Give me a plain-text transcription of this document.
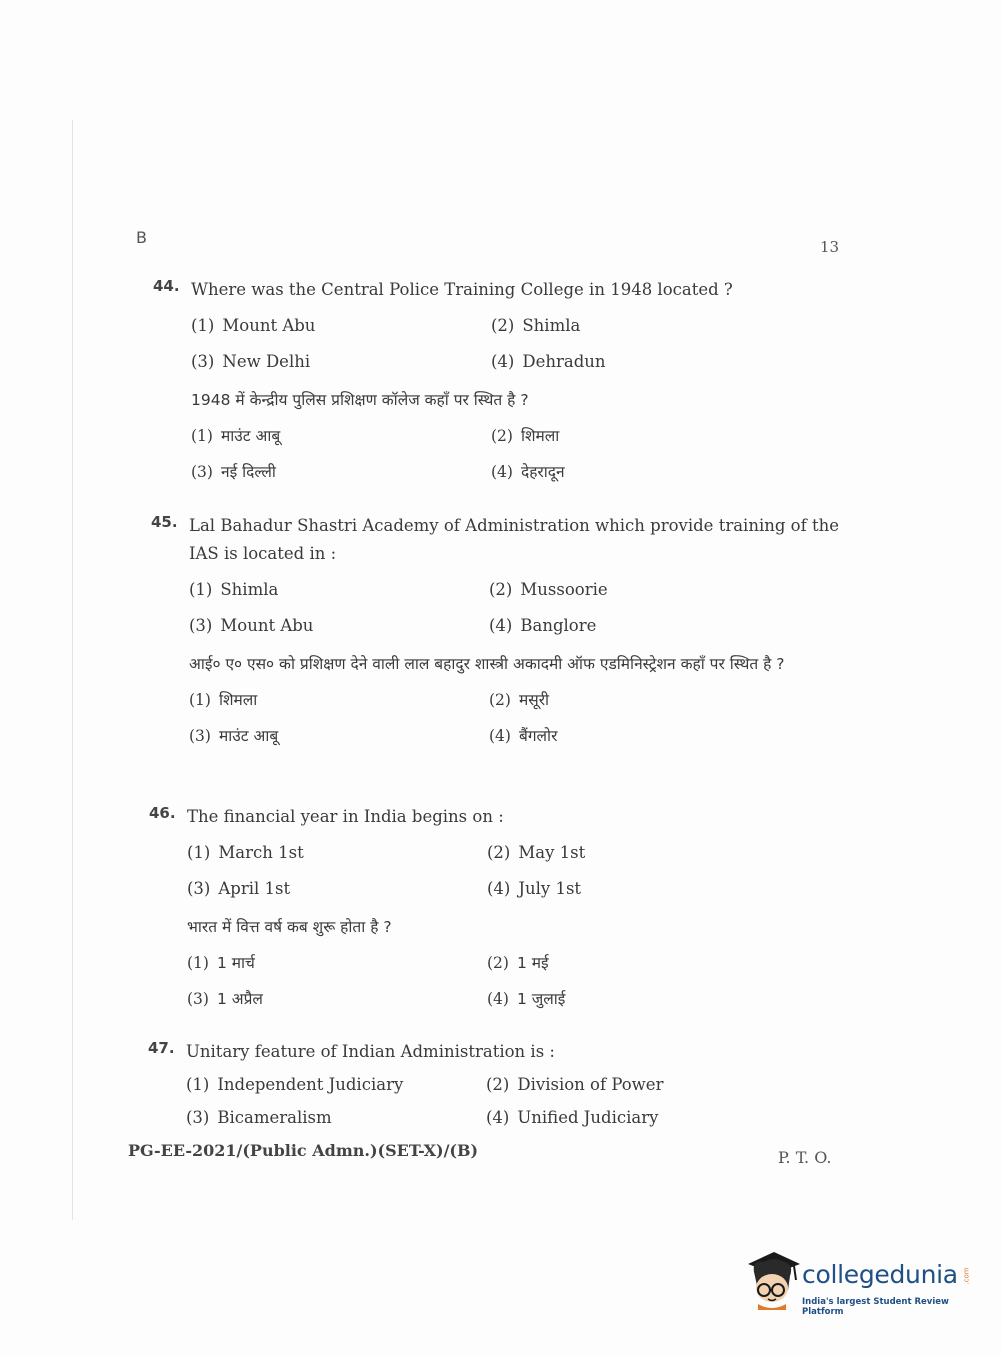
B	13
44. Where was the Central Police Training College in 1948 located ?
(1) Mount Abu	(2) Shimla
(3) New Delhi	(4) Dehradun
1948 में केन्द्रीय पुलिस प्रशिक्षण कॉलेज कहाँ पर स्थित है ?
(1) माउंट आबू	(2) शिमला
(3) नई दिल्ली	(4) देहरादून
45. Lal Bahadur Shastri Academy of Administration which provide training of the IAS is located in :
(1) Shimla	(2) Mussoorie
(3) Mount Abu	(4) Banglore
आई० ए० एस० को प्रशिक्षण देने वाली लाल बहादुर शास्त्री अकादमी ऑफ एडमिनिस्ट्रेशन कहाँ पर स्थित है ?
(1) शिमला	(2) मसूरी
(3) माउंट आबू	(4) बैंगलोर
46. The financial year in India begins on :
(1) March 1st	(2) May 1st
(3) April 1st	(4) July 1st
भारत में वित्त वर्ष कब शुरू होता है ?
(1) 1 मार्च	(2) 1 मई
(3) 1 अप्रैल	(4) 1 जुलाई
47. Unitary feature of Indian Administration is :
(1) Independent Judiciary	(2) Division of Power
(3) Bicameralism	(4) Unified Judiciary
PG-EE-2021/(Public Admn.)(SET-X)/(B)	P. T. O.
collegedunia .com
India's largest Student Review Platform
